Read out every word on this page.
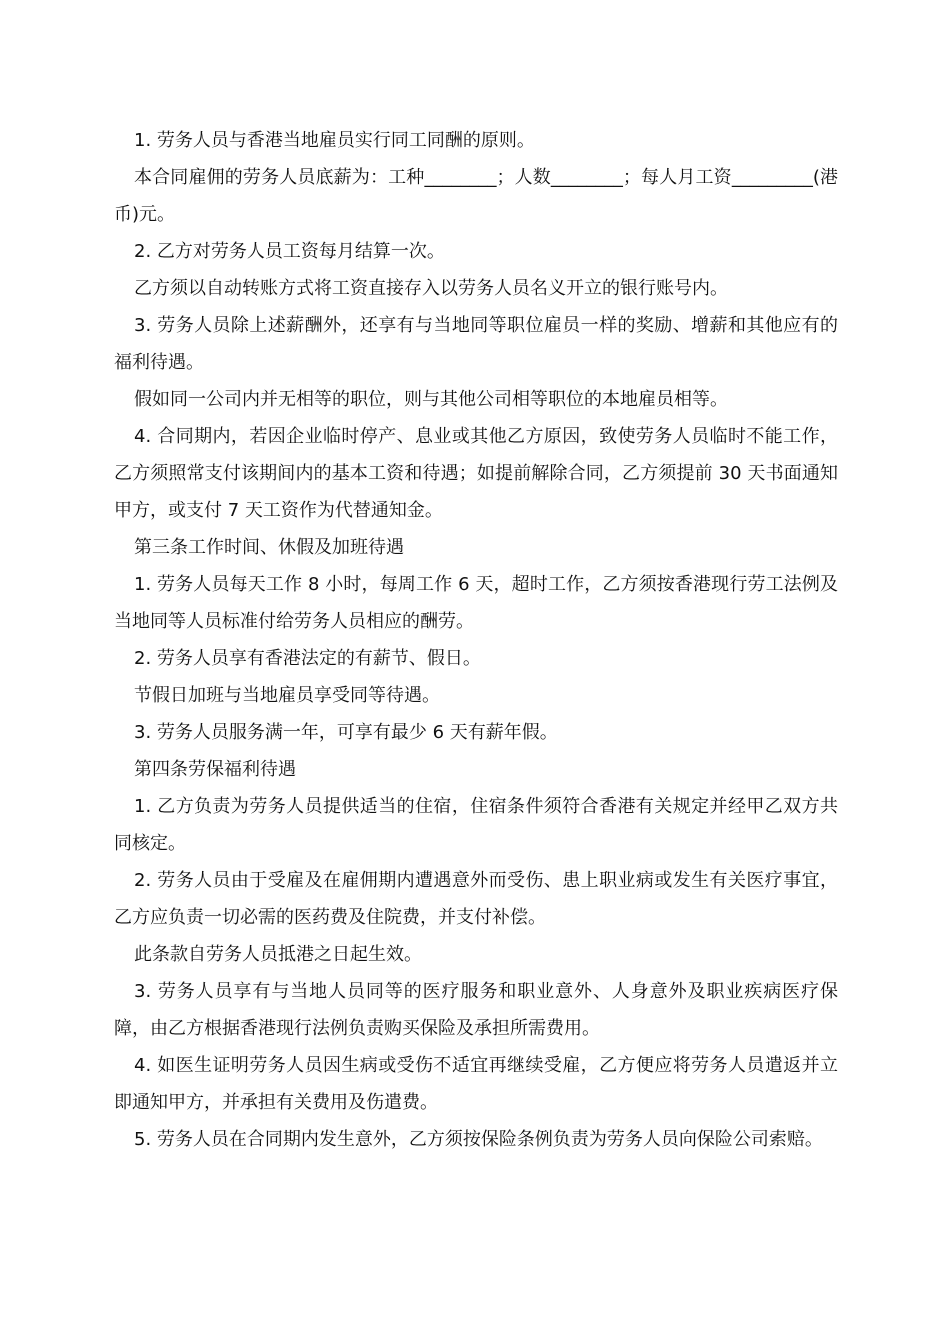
1. 劳务人员与香港当地雇员实行同工同酬的原则。

本合同雇佣的劳务人员底薪为：工种________；人数________；每人月工资_________(港币)元。

2. 乙方对劳务人员工资每月结算一次。

乙方须以自动转账方式将工资直接存入以劳务人员名义开立的银行账号内。

3. 劳务人员除上述薪酬外，还享有与当地同等职位雇员一样的奖励、增薪和其他应有的福利待遇。

假如同一公司内并无相等的职位，则与其他公司相等职位的本地雇员相等。

4. 合同期内，若因企业临时停产、息业或其他乙方原因，致使劳务人员临时不能工作，乙方须照常支付该期间内的基本工资和待遇；如提前解除合同，乙方须提前 30 天书面通知甲方，或支付 7 天工资作为代替通知金。

第三条工作时间、休假及加班待遇

1. 劳务人员每天工作 8 小时，每周工作 6 天，超时工作，乙方须按香港现行劳工法例及当地同等人员标准付给劳务人员相应的酬劳。

2. 劳务人员享有香港法定的有薪节、假日。

节假日加班与当地雇员享受同等待遇。

3. 劳务人员服务满一年，可享有最少 6 天有薪年假。

第四条劳保福利待遇

1. 乙方负责为劳务人员提供适当的住宿，住宿条件须符合香港有关规定并经甲乙双方共同核定。

2. 劳务人员由于受雇及在雇佣期内遭遇意外而受伤、患上职业病或发生有关医疗事宜，乙方应负责一切必需的医药费及住院费，并支付补偿。

此条款自劳务人员抵港之日起生效。

3. 劳务人员享有与当地人员同等的医疗服务和职业意外、人身意外及职业疾病医疗保障，由乙方根据香港现行法例负责购买保险及承担所需费用。

4. 如医生证明劳务人员因生病或受伤不适宜再继续受雇，乙方便应将劳务人员遣返并立即通知甲方，并承担有关费用及伤遣费。

5. 劳务人员在合同期内发生意外，乙方须按保险条例负责为劳务人员向保险公司索赔。
